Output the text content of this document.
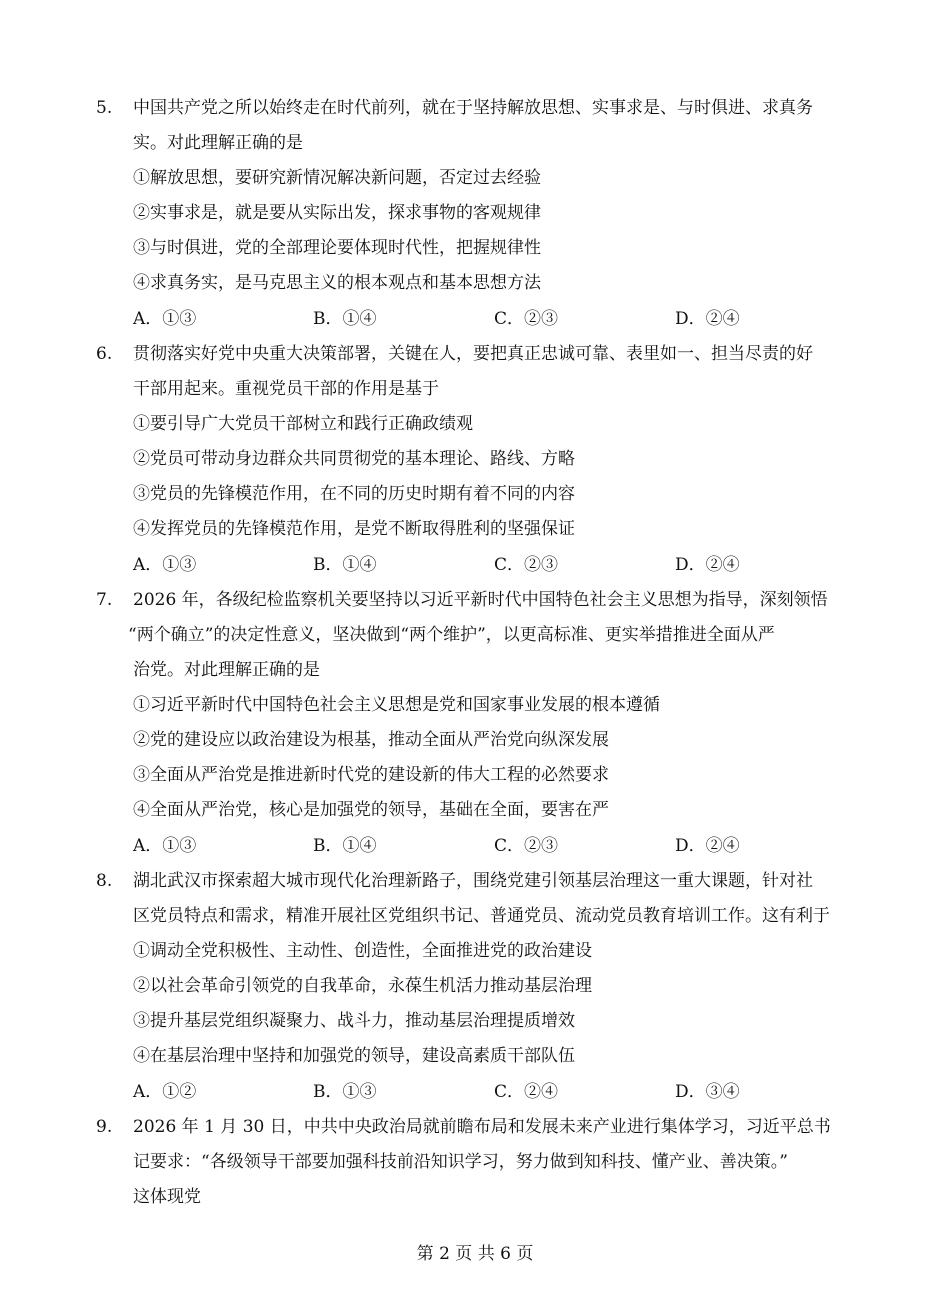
5. 中国共产党之所以始终走在时代前列，就在于坚持解放思想、实事求是、与时俱进、求真务
实。对此理解正确的是
①解放思想，要研究新情况解决新问题，否定过去经验
②实事求是，就是要从实际出发，探求事物的客观规律
③与时俱进，党的全部理论要体现时代性，把握规律性
④求真务实，是马克思主义的根本观点和基本思想方法
A．①③	B．①④	C．②③	D．②④
6. 贯彻落实好党中央重大决策部署，关键在人，要把真正忠诚可靠、表里如一、担当尽责的好
干部用起来。重视党员干部的作用是基于
①要引导广大党员干部树立和践行正确政绩观
②党员可带动身边群众共同贯彻党的基本理论、路线、方略
③党员的先锋模范作用，在不同的历史时期有着不同的内容
④发挥党员的先锋模范作用，是党不断取得胜利的坚强保证
A．①③	B．①④	C．②③	D．②④
7. 2026 年，各级纪检监察机关要坚持以习近平新时代中国特色社会主义思想为指导，深刻领悟
“两个确立”的决定性意义，坚决做到“两个维护”，以更高标准、更实举措推进全面从严
治党。对此理解正确的是
①习近平新时代中国特色社会主义思想是党和国家事业发展的根本遵循
②党的建设应以政治建设为根基，推动全面从严治党向纵深发展
③全面从严治党是推进新时代党的建设新的伟大工程的必然要求
④全面从严治党，核心是加强党的领导，基础在全面，要害在严
A．①③	B．①④	C．②③	D．②④
8. 湖北武汉市探索超大城市现代化治理新路子，围绕党建引领基层治理这一重大课题，针对社
区党员特点和需求，精准开展社区党组织书记、普通党员、流动党员教育培训工作。这有利于
①调动全党积极性、主动性、创造性，全面推进党的政治建设
②以社会革命引领党的自我革命，永葆生机活力推动基层治理
③提升基层党组织凝聚力、战斗力，推动基层治理提质增效
④在基层治理中坚持和加强党的领导，建设高素质干部队伍
A．①②	B．①③	C．②④	D．③④
9. 2026 年 1 月 30 日，中共中央政治局就前瞻布局和发展未来产业进行集体学习，习近平总书
记要求：“各级领导干部要加强科技前沿知识学习，努力做到知科技、懂产业、善决策。”
这体现党
第 2 页 共 6 页
